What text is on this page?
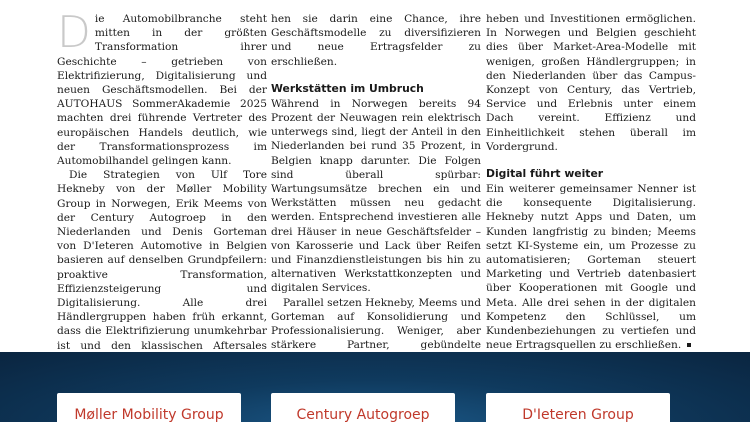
Die Automobilbranche steht mitten in der größten Transformation ihrer Geschichte – getrieben von Elektrifizierung, Digitalisierung und neuen Geschäftsmodellen. Bei der AUTOHAUS SommerAkademie 2025 machten drei führende Vertreter des europäischen Handels deutlich, wie der Transformationsprozess im Automobilhandel gelingen kann.

Die Strategien von Ulf Tore Hekneby von der Møller Mobility Group in Norwegen, Erik Meems von der Century Autogroep in den Niederlanden und Denis Gorteman von D'Ieteren Automotive in Belgien basieren auf denselben Grundpfeilern: proaktive Transformation, Effizienzsteigerung und Digitalisierung. Alle drei Händlergruppen haben früh erkannt, dass die Elektrifizierung unumkehrbar ist und den klassischen Aftersales

hen sie darin eine Chance, ihre Geschäftsmodelle zu diversifizieren und neue Ertragsfelder zu erschließen.

Werkstätten im Umbruch

Während in Norwegen bereits 94 Prozent der Neuwagen rein elektrisch unterwegs sind, liegt der Anteil in den Niederlanden bei rund 35 Prozent, in Belgien knapp darunter. Die Folgen sind überall spürbar: Wartungsumsätze brechen ein und Werkstätten müssen neu gedacht werden. Entsprechend investieren alle drei Häuser in neue Geschäftsfelder – von Karosserie und Lack über Reifen und Finanzdienstleistungen bis hin zu alternativen Werkstattkonzepten und digitalen Services.

Parallel setzen Hekneby, Meems und Gorteman auf Konsolidierung und Professionalisierung. Weniger, aber stärkere Partner, gebündelte

heben und Investitionen ermöglichen. In Norwegen und Belgien geschieht dies über Market-Area-Modelle mit wenigen, großen Händlergruppen; in den Niederlanden über das Campus-Konzept von Century, das Vertrieb, Service und Erlebnis unter einem Dach vereint. Effizienz und Einheitlichkeit stehen überall im Vordergrund.

Digital führt weiter

Ein weiterer gemeinsamer Nenner ist die konsequente Digitalisierung. Hekneby nutzt Apps und Daten, um Kunden langfristig zu binden; Meems setzt KI-Systeme ein, um Prozesse zu automatisieren; Gorteman steuert Marketing und Vertrieb datenbasiert über Kooperationen mit Google und Meta. Alle drei sehen in der digitalen Kompetenz den Schlüssel, um Kundenbeziehungen zu vertiefen und neue Ertragsquellen zu erschließen.

Møller Mobility Group	Century Autogroep	D'Ieteren Group
